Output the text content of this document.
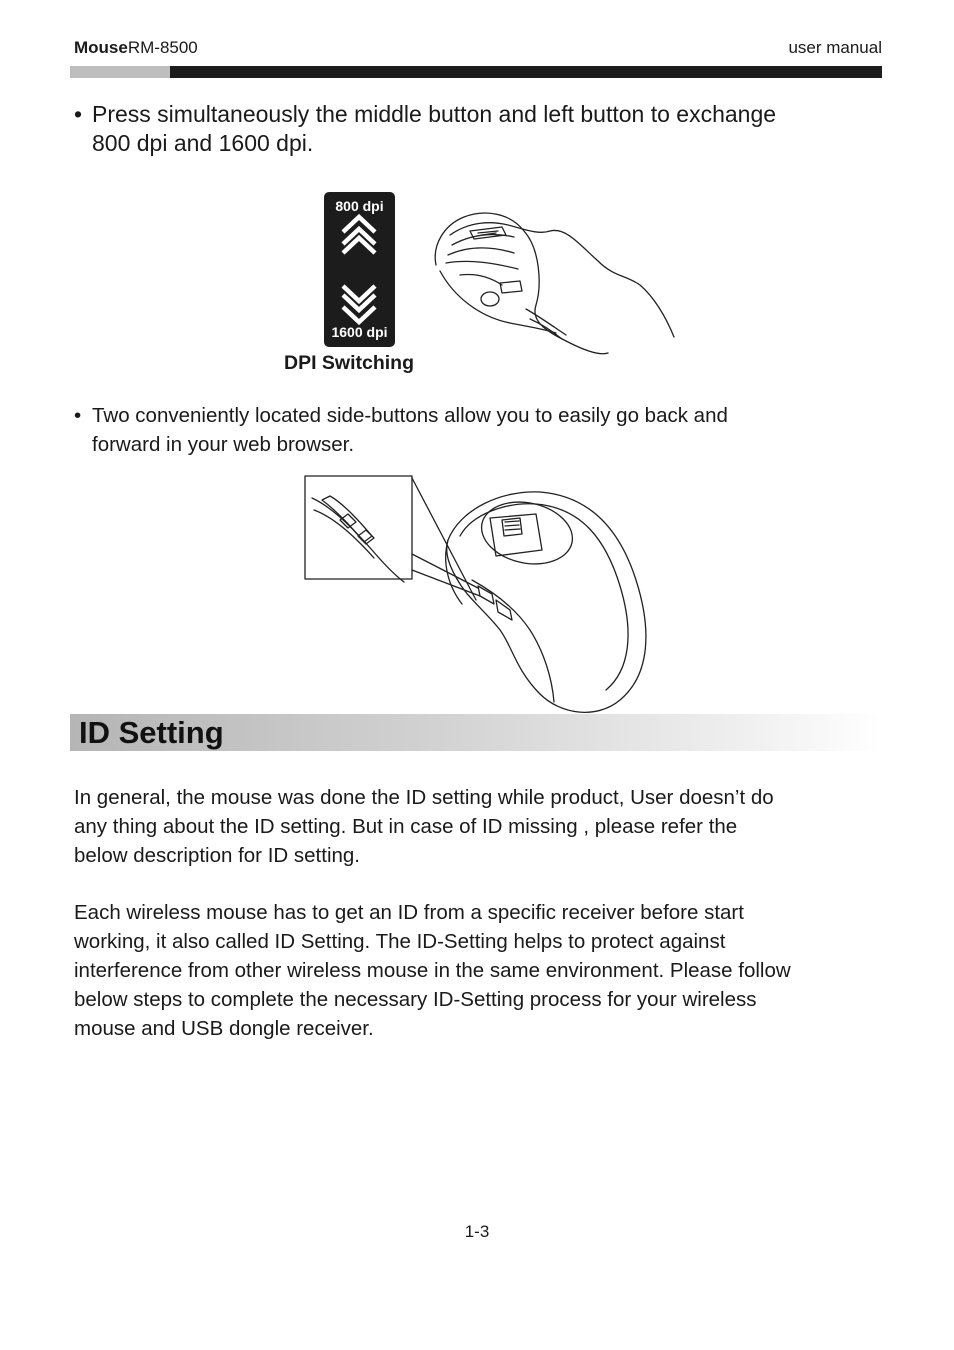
MouseRM-8500	user manual
• Press simultaneously the middle button and left button to exchange
800 dpi and 1600 dpi.
800 dpi
1600 dpi
DPI Switching
• Two conveniently located side-buttons allow you to easily go back and
forward in your web browser.
ID Setting
In general, the mouse was done the ID setting while product, User doesn’t do
any thing about the ID setting. But in case of ID missing , please refer the
below description for ID setting.
Each wireless mouse has to get an ID from a specific receiver before start
working, it also called ID Setting. The ID-Setting helps to protect against
interference from other wireless mouse in the same environment. Please follow
below steps to complete the necessary ID-Setting process for your wireless
mouse and USB dongle receiver.
1-3
